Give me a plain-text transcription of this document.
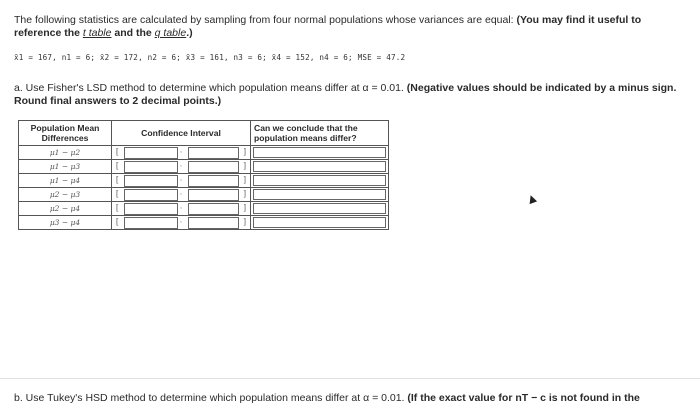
The following statistics are calculated by sampling from four normal populations whose variances are equal: (You may find it useful to reference the t table and the q table.)
x̄1 = 167, n1 = 6; x̄2 = 172, n2 = 6; x̄3 = 161, n3 = 6; x̄4 = 152, n4 = 6; MSE = 47.2
a. Use Fisher's LSD method to determine which population means differ at α = 0.01. (Negative values should be indicated by a minus sign. Round final answers to 2 decimal points.)
Population Mean Differences	Confidence Interval	Can we conclude that the population means differ?
μ1 − μ2	[ , ]	

μ1 − μ3	[ , ]	

μ1 − μ4	[ , ]	

μ2 − μ3	[ , ]	

μ2 − μ4	[ , ]	

μ3 − μ4	[ , ]	

b. Use Tukey's HSD method to determine which population means differ at α = 0.01. (If the exact value for nT − c is not found in the
